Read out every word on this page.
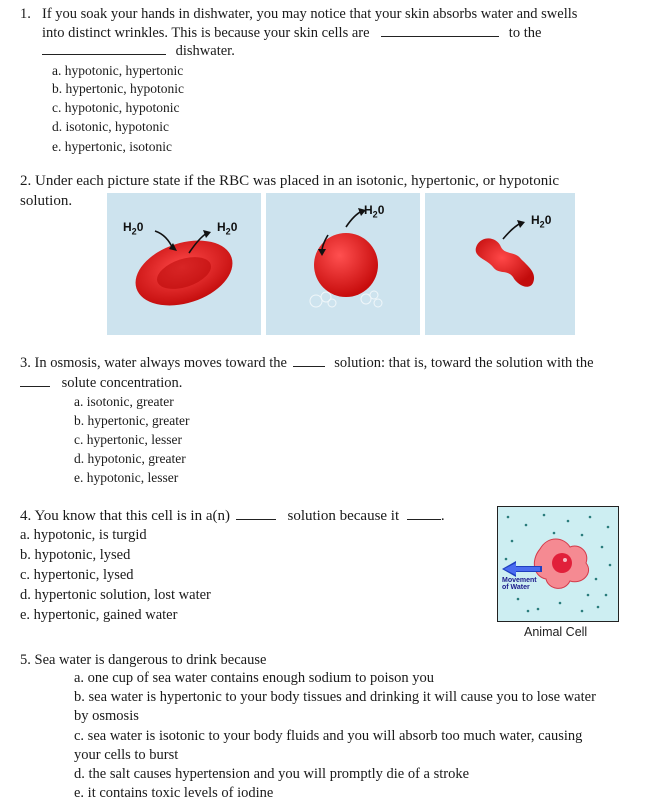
1. If you soak your hands in dishwater, you may notice that your skin absorbs water and swells
into distinct wrinkles. This is because your skin cells are	to the
dishwater.
a. hypotonic, hypertonic
b. hypertonic, hypotonic
c. hypotonic, hypotonic
d. isotonic, hypotonic
e. hypertonic, isotonic
2. Under each picture state if the RBC was placed in an isotonic, hypertonic, or hypotonic
solution.
$H_20$	$H_20$
$H_20$
$H_20$
3. In osmosis, water always moves toward the	solution: that is, toward the solution with the
solute concentration.
a. isotonic, greater
b. hypertonic, greater
c. hypertonic, lesser
d. hypotonic, greater
e. hypotonic, lesser
4. You know that this cell is in a(n)	solution because it	.
a. hypotonic, is turgid
b. hypotonic, lysed
c. hypertonic, lysed
d. hypertonic solution, lost water
e. hypertonic, gained water
Movement
of Water
Animal Cell
5. Sea water is dangerous to drink because
a. one cup of sea water contains enough sodium to poison you
b. sea water is hypertonic to your body tissues and drinking it will cause you to lose water
by osmosis
c. sea water is isotonic to your body fluids and you will absorb too much water, causing
your cells to burst
d. the salt causes hypertension and you will promptly die of a stroke
e. it contains toxic levels of iodine
